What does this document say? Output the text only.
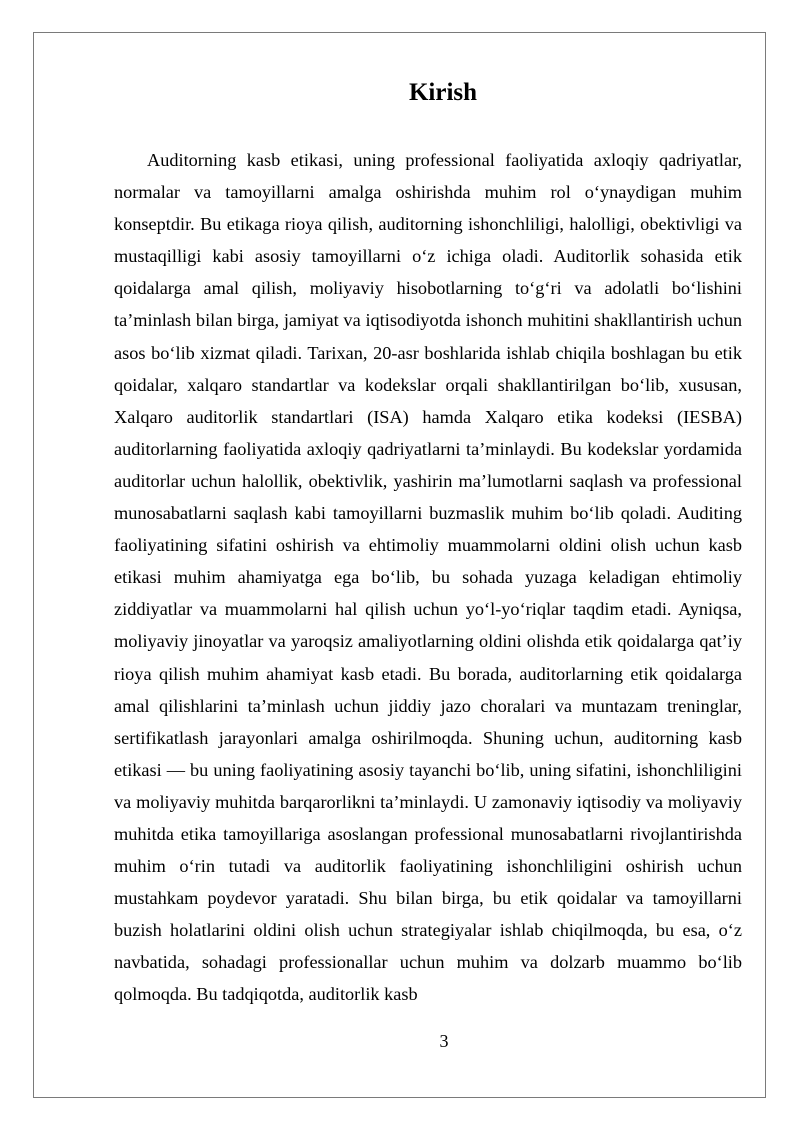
Kirish

Auditorning kasb etikasi, uning professional faoliyatida axloqiy qadriyatlar, normalar va tamoyillarni amalga oshirishda muhim rol o‘ynaydigan muhim konseptdir. Bu etikaga rioya qilish, auditorning ishonchliligi, halolligi, obektivligi va mustaqilligi kabi asosiy tamoyillarni o‘z ichiga oladi. Auditorlik sohasida etik qoidalarga amal qilish, moliyaviy hisobotlarning to‘g‘ri va adolatli bo‘lishini ta’minlash bilan birga, jamiyat va iqtisodiyotda ishonch muhitini shakllantirish uchun asos bo‘lib xizmat qiladi. Tarixan, 20-asr boshlarida ishlab chiqila boshlagan bu etik qoidalar, xalqaro standartlar va kodekslar orqali shakllantirilgan bo‘lib, xususan, Xalqaro auditorlik standartlari (ISA) hamda Xalqaro etika kodeksi (IESBA) auditorlarning faoliyatida axloqiy qadriyatlarni ta’minlaydi. Bu kodekslar yordamida auditorlar uchun halollik, obektivlik, yashirin ma’lumotlarni saqlash va professional munosabatlarni saqlash kabi tamoyillarni buzmaslik muhim bo‘lib qoladi. Auditing faoliyatining sifatini oshirish va ehtimoliy muammolarni oldini olish uchun kasb etikasi muhim ahamiyatga ega bo‘lib, bu sohada yuzaga keladigan ehtimoliy ziddiyatlar va muammolarni hal qilish uchun yo‘l-yo‘riqlar taqdim etadi. Ayniqsa, moliyaviy jinoyatlar va yaroqsiz amaliyotlarning oldini olishda etik qoidalarga qat’iy rioya qilish muhim ahamiyat kasb etadi. Bu borada, auditorlarning etik qoidalarga amal qilishlarini ta’minlash uchun jiddiy jazo choralari va muntazam treninglar, sertifikatlash jarayonlari amalga oshirilmoqda. Shuning uchun, auditorning kasb etikasi — bu uning faoliyatining asosiy tayanchi bo‘lib, uning sifatini, ishonchliligini va moliyaviy muhitda barqarorlikni ta’minlaydi. U zamonaviy iqtisodiy va moliyaviy muhitda etika tamoyillariga asoslangan professional munosabatlarni rivojlantirishda muhim o‘rin tutadi va auditorlik faoliyatining ishonchliligini oshirish uchun mustahkam poydevor yaratadi. Shu bilan birga, bu etik qoidalar va tamoyillarni buzish holatlarini oldini olish uchun strategiyalar ishlab chiqilmoqda, bu esa, o‘z navbatida, sohadagi professionallar uchun muhim va dolzarb muammo bo‘lib qolmoqda. Bu tadqiqotda, auditorlik kasb

3
